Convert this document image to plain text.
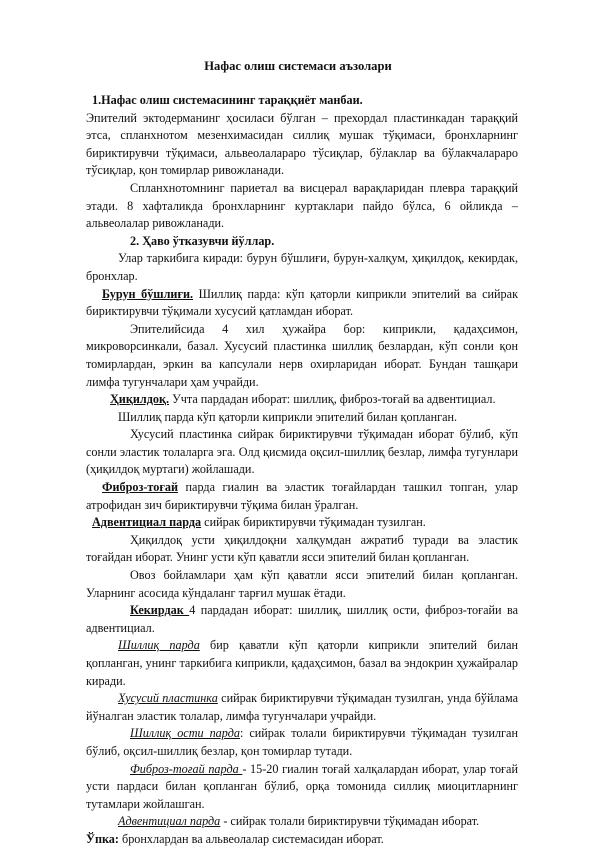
Нафас олиш системаси аъзолари

1.Нафас олиш системасининг тараққиёт манбаи.

Эпителий эктодерманинг ҳосиласи бўлган – прехордал пластинкадан тараққий этса, спланхнотом мезенхимасидан силлиқ мушак тўқимаси, бронхларнинг бириктирувчи тўқимаси, альвеолалараро тўсиқлар, бўлаклар ва бўлакчалараро тўсиқлар, қон томирлар ривожланади.

Спланхнотомнинг париетал ва висцерал варақларидан плевра тараққий этади. 8 хафталикда бронхларнинг куртаклари пайдо бўлса, 6 ойликда – альвеолалар ривожланади.

2. Ҳаво ўтказувчи йўллар.

Улар таркибига киради: бурун бўшлиғи, бурун-халқум, ҳиқилдоқ, кекирдак, бронхлар.

Бурун бўшлиғи. Шиллиқ парда: кўп қаторли киприкли эпителий ва сийрак бириктирувчи тўқимали хусусий қатламдан иборат.

Эпителийсида 4 хил ҳужайра бор: киприкли, қадаҳсимон, микроворсинкали, базал. Хусусий пластинка шиллиқ безлардан, кўп сонли қон томирлардан, эркин ва капсулали нерв охирларидан иборат. Бундан ташқари лимфа тугунчалари ҳам учрайди.

Ҳиқилдоқ. Учта пардадан иборат: шиллиқ, фиброз-тоғай ва адвентициал.

Шиллиқ парда кўп қаторли киприкли эпителий билан қопланган.

Хусусий пластинка сийрак бириктирувчи тўқимадан иборат бўлиб, кўп сонли эластик толаларга эга. Олд қисмида оқсил-шиллиқ безлар, лимфа тугунлари (ҳиқилдоқ муртаги) жойлашади.

Фиброз-тоғай парда гиалин ва эластик тоғайлардан ташкил топган, улар атрофидан зич бириктирувчи тўқима билан ўралган.

Адвентициал парда сийрак бириктирувчи тўқимадан тузилган.

Ҳиқилдоқ усти ҳиқилдоқни халқумдан ажратиб туради ва эластик тоғайдан иборат. Унинг усти кўп қаватли ясси эпителий билан қопланган.

Овоз бойламлари ҳам кўп қаватли ясси эпителий билан қопланган. Уларнинг асосида кўндаланг тарғил мушак ётади.

Кекирдак 4 пардадан иборат: шиллиқ, шиллиқ ости, фиброз-тоғайи ва адвентициал.

Шиллиқ парда бир қаватли кўп қаторли киприкли эпителий билан қопланган, унинг таркибига киприкли, қадаҳсимон, базал ва эндокрин ҳужайралар киради.

Хусусий пластинка сийрак бириктирувчи тўқимадан тузилган, унда бўйлама йўналган эластик толалар, лимфа тугунчалари учрайди.

Шиллиқ ости парда: сийрак толали бириктирувчи тўқимадан тузилган бўлиб, оқсил-шиллиқ безлар, қон томирлар тутади.

Фиброз-тоғай парда - 15-20 гиалин тоғай халқалардан иборат, улар тоғай усти пардаси билан қопланган бўлиб, орқа томонида силлиқ миоцитларнинг тутамлари жойлашган.

Адвентициал парда - сийрак толали бириктирувчи тўқимадан иборат.

Ўпка: бронхлардан ва альвеолалар системасидан иборат.
